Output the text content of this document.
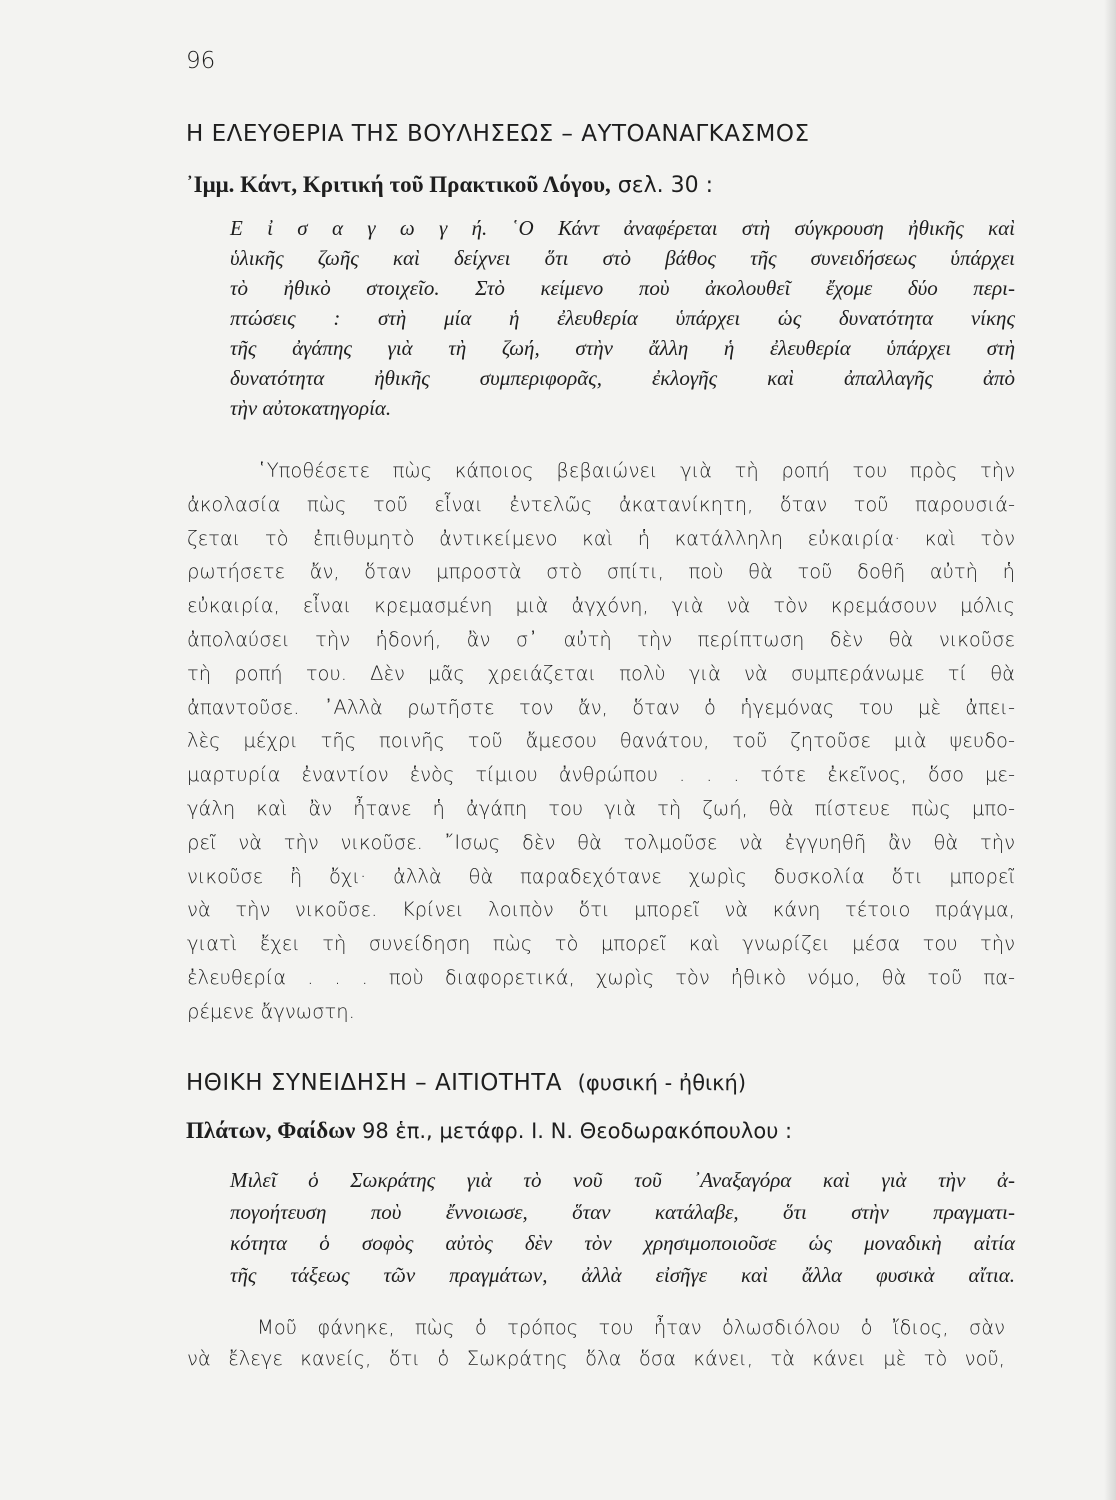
96
Η ΕΛΕΥΘΕΡΙΑ ΤΗΣ ΒΟΥΛΗΣΕΩΣ – ΑΥΤΟΑΝΑΓΚΑΣΜΟΣ
᾿Ιμμ. Κάντ, Κριτική τοῦ Πρακτικοῦ Λόγου, σελ. 30 :
Ε ἰ σ α γ ω γ ή. ῾Ο Κάντ ἀναφέρεται στὴ σύγκρουση ἠθικῆς καὶ
ὑλικῆς ζωῆς καὶ δείχνει ὅτι στὸ βάθος τῆς συνειδήσεως ὑπάρχει
τὸ ἠθικὸ στοιχεῖο. Στὸ κείμενο ποὺ ἀκολουθεῖ ἔχομε δύο περι-
πτώσεις : στὴ μία ἡ ἐλευθερία ὑπάρχει ὡς δυνατότητα νίκης
τῆς ἀγάπης γιὰ τὴ ζωή, στὴν ἄλλη ἡ ἐλευθερία ὑπάρχει στὴ
δυνατότητα ἠθικῆς συμπεριφορᾶς, ἐκλογῆς καὶ ἀπαλλαγῆς ἀπὸ
τὴν αὐτοκατηγορία.
῾Υποθέσετε πὼς κάποιος βεβαιώνει γιὰ τὴ ροπή του πρὸς τὴν
ἀκολασία πὼς τοῦ εἶναι ἐντελῶς ἀκατανίκητη, ὅταν τοῦ παρουσιά-
ζεται τὸ ἐπιθυμητὸ ἀντικείμενο καὶ ἡ κατάλληλη εὐκαιρία· καὶ τὸν
ρωτήσετε ἄν, ὅταν μπροστὰ στὸ σπίτι, ποὺ θὰ τοῦ δοθῆ αὐτὴ ἡ
εὐκαιρία, εἶναι κρεμασμένη μιὰ ἀγχόνη, γιὰ νὰ τὸν κρεμάσουν μόλις
ἀπολαύσει τὴν ἡδονή, ἂν σ᾿ αὐτὴ τὴν περίπτωση δὲν θὰ νικοῦσε
τὴ ροπή του. Δὲν μᾶς χρειάζεται πολὺ γιὰ νὰ συμπεράνωμε τί θὰ
ἀπαντοῦσε. ᾿Αλλὰ ρωτῆστε τον ἄν, ὅταν ὁ ἡγεμόνας του μὲ ἀπει-
λὲς μέχρι τῆς ποινῆς τοῦ ἄμεσου θανάτου, τοῦ ζητοῦσε μιὰ ψευδο-
μαρτυρία ἐναντίον ἑνὸς τίμιου ἀνθρώπου . . . τότε ἐκεῖνος, ὅσο με-
γάλη καὶ ἂν ἦτανε ἡ ἀγάπη του γιὰ τὴ ζωή, θὰ πίστευε πὼς μπο-
ρεῖ νὰ τὴν νικοῦσε. ῎Ισως δὲν θὰ τολμοῦσε νὰ ἐγγυηθῆ ἂν θὰ τὴν
νικοῦσε ἢ ὄχι· ἀλλὰ θὰ παραδεχότανε χωρὶς δυσκολία ὅτι μπορεῖ
νὰ τὴν νικοῦσε. Κρίνει λοιπὸν ὅτι μπορεῖ νὰ κάνη τέτοιο πράγμα,
γιατὶ ἔχει τὴ συνείδηση πὼς τὸ μπορεῖ καὶ γνωρίζει μέσα του τὴν
ἐλευθερία . . . ποὺ διαφορετικά, χωρὶς τὸν ἠθικὸ νόμο, θὰ τοῦ πα-
ρέμενε ἄγνωστη.
ΗΘΙΚΗ ΣΥΝΕΙΔΗΣΗ – ΑΙΤΙΟΤΗΤΑ (φυσική - ἠθική)
Πλάτων, Φαίδων 98 ἑπ., μετάφρ. Ι. Ν. Θεοδωρακόπουλου :
Μιλεῖ ὁ Σωκράτης γιὰ τὸ νοῦ τοῦ ᾿Αναξαγόρα καὶ γιὰ τὴν ἀ-
πογοήτευση ποὺ ἔννοιωσε, ὅταν κατάλαβε, ὅτι στὴν πραγματι-
κότητα ὁ σοφὸς αὐτὸς δὲν τὸν χρησιμοποιοῦσε ὡς μοναδικὴ αἰτία
τῆς τάξεως τῶν πραγμάτων, ἀλλὰ εἰσῆγε καὶ ἄλλα φυσικὰ αἴτια.
Μοῦ φάνηκε, πὼς ὁ τρόπος του ἦταν ὁλωσδιόλου ὁ ἴδιος, σὰν
νὰ ἔλεγε κανείς, ὅτι ὁ Σωκράτης ὅλα ὅσα κάνει, τὰ κάνει μὲ τὸ νοῦ,
